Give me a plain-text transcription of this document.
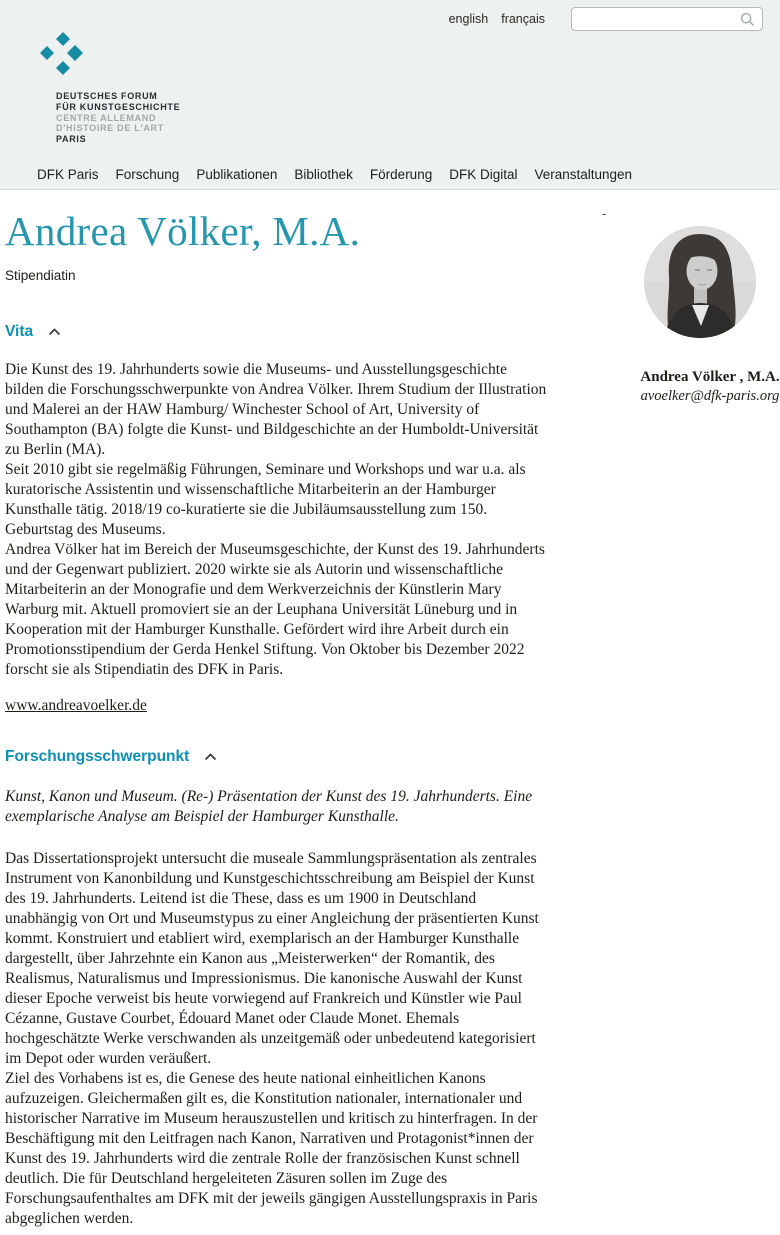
english français
DEUTSCHES FORUM
FÜR KUNSTGESCHICHTE
CENTRE ALLEMAND
D'HISTOIRE DE L'ART
PARIS
DFK Paris Forschung Publikationen Bibliothek Förderung DFK Digital Veranstaltungen
Andrea Völker, M.A.
Stipendiatin
Vita

Die Kunst des 19. Jahrhunderts sowie die Museums- und Ausstellungsgeschichte bilden die Forschungsschwerpunkte von Andrea Völker. Ihrem Studium der Illustration und Malerei an der HAW Hamburg/ Winchester School of Art, University of Southampton (BA) folgte die Kunst- und Bildgeschichte an der Humboldt-Universität zu Berlin (MA).

Seit 2010 gibt sie regelmäßig Führungen, Seminare und Workshops und war u.a. als kuratorische Assistentin und wissenschaftliche Mitarbeiterin an der Hamburger Kunsthalle tätig. 2018/19 co-kuratierte sie die Jubiläumsausstellung zum 150. Geburtstag des Museums.

Andrea Völker hat im Bereich der Museumsgeschichte, der Kunst des 19. Jahrhunderts und der Gegenwart publiziert. 2020 wirkte sie als Autorin und wissenschaftliche Mitarbeiterin an der Monografie und dem Werkverzeichnis der Künstlerin Mary Warburg mit. Aktuell promoviert sie an der Leuphana Universität Lüneburg und in Kooperation mit der Hamburger Kunsthalle. Gefördert wird ihre Arbeit durch ein Promotionsstipendium der Gerda Henkel Stiftung. Von Oktober bis Dezember 2022 forscht sie als Stipendiatin des DFK in Paris.

www.andreavoelker.de
Forschungsschwerpunkt
Kunst, Kanon und Museum. (Re-) Präsentation der Kunst des 19. Jahrhunderts. Eine exemplarische Analyse am Beispiel der Hamburger Kunsthalle.

Das Dissertationsprojekt untersucht die museale Sammlungspräsentation als zentrales Instrument von Kanonbildung und Kunstgeschichtsschreibung am Beispiel der Kunst des 19. Jahrhunderts. Leitend ist die These, dass es um 1900 in Deutschland unabhängig von Ort und Museumstypus zu einer Angleichung der präsentierten Kunst kommt. Konstruiert und etabliert wird, exemplarisch an der Hamburger Kunsthalle dargestellt, über Jahrzehnte ein Kanon aus „Meisterwerken“ der Romantik, des Realismus, Naturalismus und Impressionismus. Die kanonische Auswahl der Kunst dieser Epoche verweist bis heute vorwiegend auf Frankreich und Künstler wie Paul Cézanne, Gustave Courbet, Édouard Manet oder Claude Monet. Ehemals hochgeschätzte Werke verschwanden als unzeitgemäß oder unbedeutend kategorisiert im Depot oder wurden veräußert.

Ziel des Vorhabens ist es, die Genese des heute national einheitlichen Kanons aufzuzeigen. Gleichermaßen gilt es, die Konstitution nationaler, internationaler und historischer Narrative im Museum herauszustellen und kritisch zu hinterfragen. In der Beschäftigung mit den Leitfragen nach Kanon, Narrativen und Protagonist*innen der Kunst des 19. Jahrhunderts wird die zentrale Rolle der französischen Kunst schnell deutlich. Die für Deutschland hergeleiteten Zäsuren sollen im Zuge des Forschungsaufenthaltes am DFK mit der jeweils gängigen Ausstellungspraxis in Paris abgeglichen werden.

-
Andrea Völker , M.A.
avoelker@dfk-paris.org
